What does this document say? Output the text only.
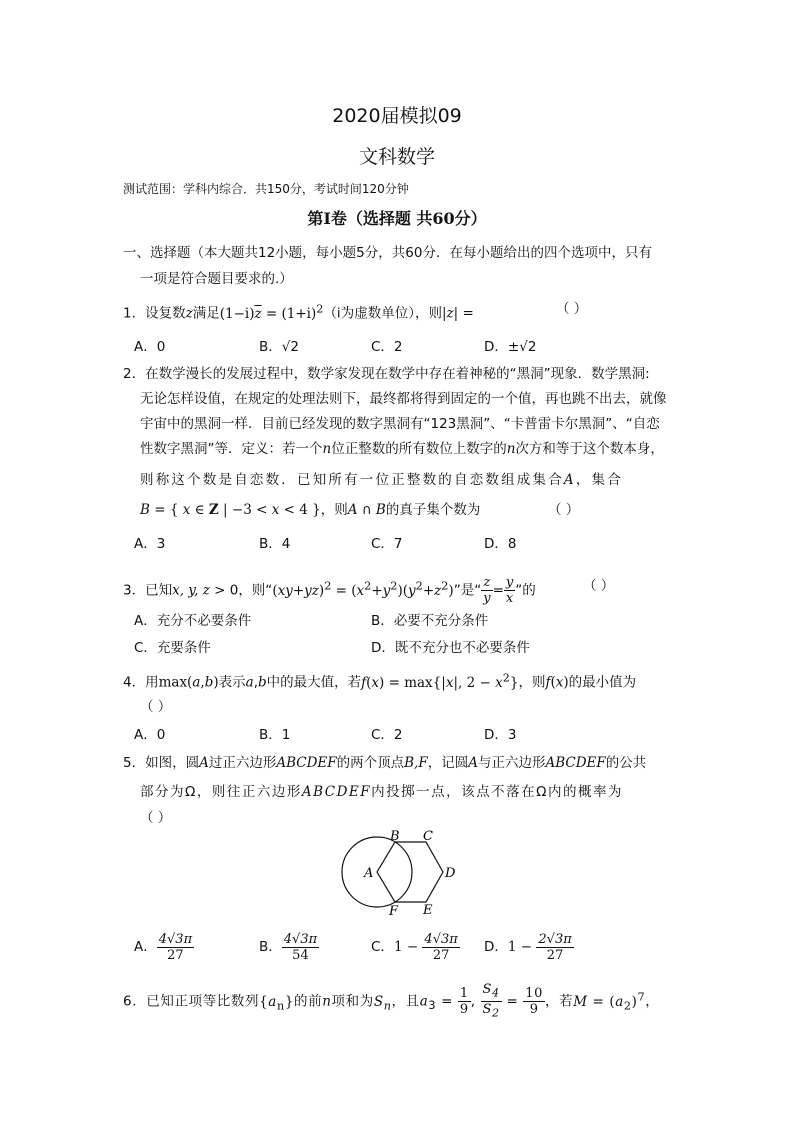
2020届模拟09
文科数学
测试范围：学科内综合．共150分，考试时间120分钟
第Ⅰ卷（选择题 共60分）
一、选择题（本大题共12小题，每小题5分，共60分．在每小题给出的四个选项中，只有
一项是符合题目要求的.）
1．设复数z满足$(1-i)\overline{z} = (1+i)^2(i$为虚数单位），则|z| =	（ ）
A．0	B．√2	C．2	D．±√2
2．在数学漫长的发展过程中，数学家发现在数学中存在着神秘的“黑洞”现象．数学黑洞:
无论怎样设值，在规定的处理法则下，最终都将得到固定的一个值，再也跳不出去，就像
宇宙中的黑洞一样．目前已经发现的数字黑洞有“123黑洞”、“卡普雷卡尔黑洞”、“自恋
性数字黑洞”等．定义：若一个n位正整数的所有数位上数字的n次方和等于这个数本身，
则称这个数是自恋数．已知所有一位正整数的自恋数组成集合A，集合
B = { x ∈ Z | −3 < x < 4 }，则A ∩ B的真子集个数为	（ ）
A．3	B．4	C．7	D．8
3．已知x, y, z > 0，则“$(xy+yz)^2 = (x^2+y^2)(y^2+z^2)$”是“ $\frac{z}{y} = \frac{y}{x}$ ”的	（ ）
A．充分不必要条件	B．必要不充分条件
C．充要条件	D．既不充分也不必要条件
4．用max(a,b)表示a,b中的最大值，若f(x) = max{|x|, $2 - x^2$}，则f(x)的最小值为
（ ）
A．0	B．1	C．2	D．3
5．如图，圆A过正六边形ABCDEF的两个顶点B,F，记圆A与正六边形ABCDEF的公共
部分为Ω，则往正六边形ABCDEF内投掷一点，该点不落在Ω内的概率为
（ ）
A
B C
D
E
F
A． $\frac{4√3\pi}{27}$	B． $\frac{4√3\pi}{54}$	C．$1 - \frac{4√3\pi}{27}$ D．$1 - \frac{2√3\pi}{27}$
6．已知正项等比数列$\{a_n\}$的前n项和为$S_n$，且$a_3 = \frac{1}{9}$ , $\frac{S_4}{S_2} = \frac{10}{9}$ ，若$M = (a_2)^7$，
